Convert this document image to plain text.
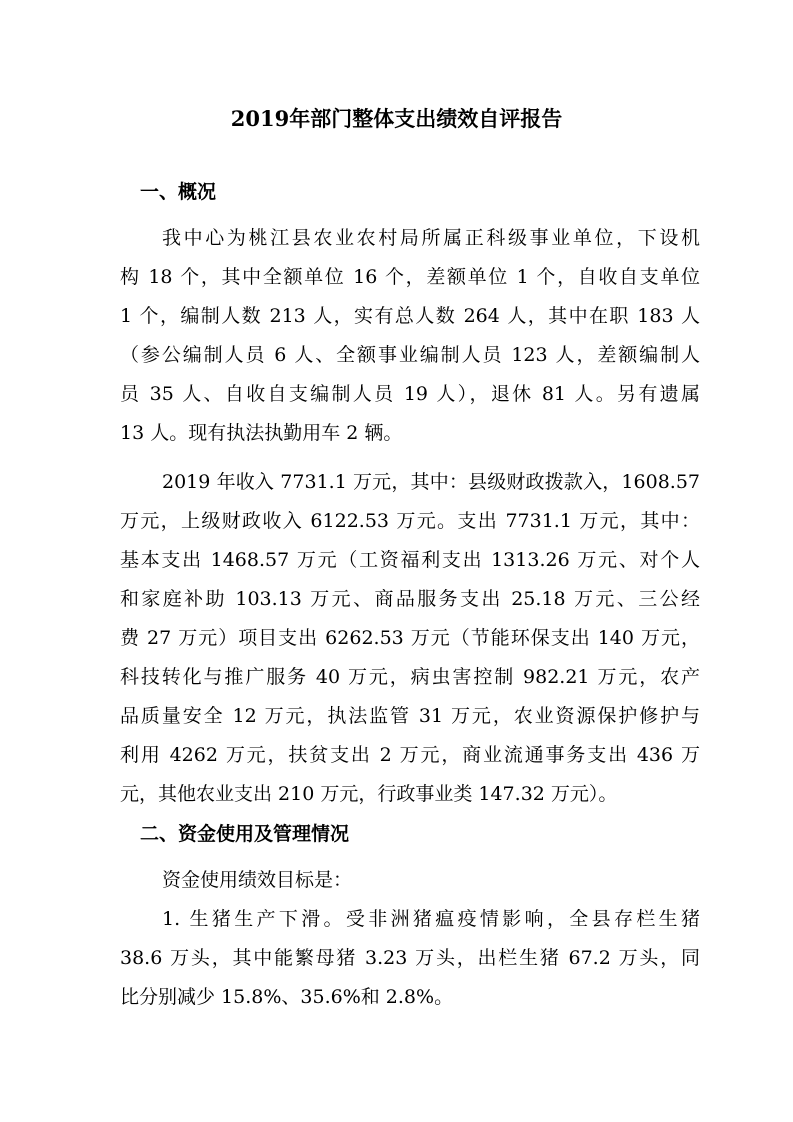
2019年部门整体支出绩效自评报告
一、概况
我中心为桃江县农业农村局所属正科级事业单位，下设机
构 18 个，其中全额单位 16 个，差额单位 1 个，自收自支单位
1 个，编制人数 213 人，实有总人数 264 人，其中在职 183 人
（参公编制人员 6 人、全额事业编制人员 123 人，差额编制人
员 35 人、自收自支编制人员 19 人），退休 81 人。另有遗属
13 人。现有执法执勤用车 2 辆。
2019 年收入 7731.1 万元，其中：县级财政拨款入，1608.57
万元，上级财政收入 6122.53 万元。支出 7731.1 万元，其中：
基本支出 1468.57 万元（工资福利支出 1313.26 万元、对个人
和家庭补助 103.13 万元、商品服务支出 25.18 万元、三公经
费 27 万元）项目支出 6262.53 万元（节能环保支出 140 万元，
科技转化与推广服务 40 万元，病虫害控制 982.21 万元，农产
品质量安全 12 万元，执法监管 31 万元，农业资源保护修护与
利用 4262 万元，扶贫支出 2 万元，商业流通事务支出 436 万
元，其他农业支出 210 万元，行政事业类 147.32 万元）。
二、资金使用及管理情况
资金使用绩效目标是：
1. 生猪生产下滑。受非洲猪瘟疫情影响，全县存栏生猪
38.6 万头，其中能繁母猪 3.23 万头，出栏生猪 67.2 万头，同
比分别减少 15.8%、35.6%和 2.8%。
